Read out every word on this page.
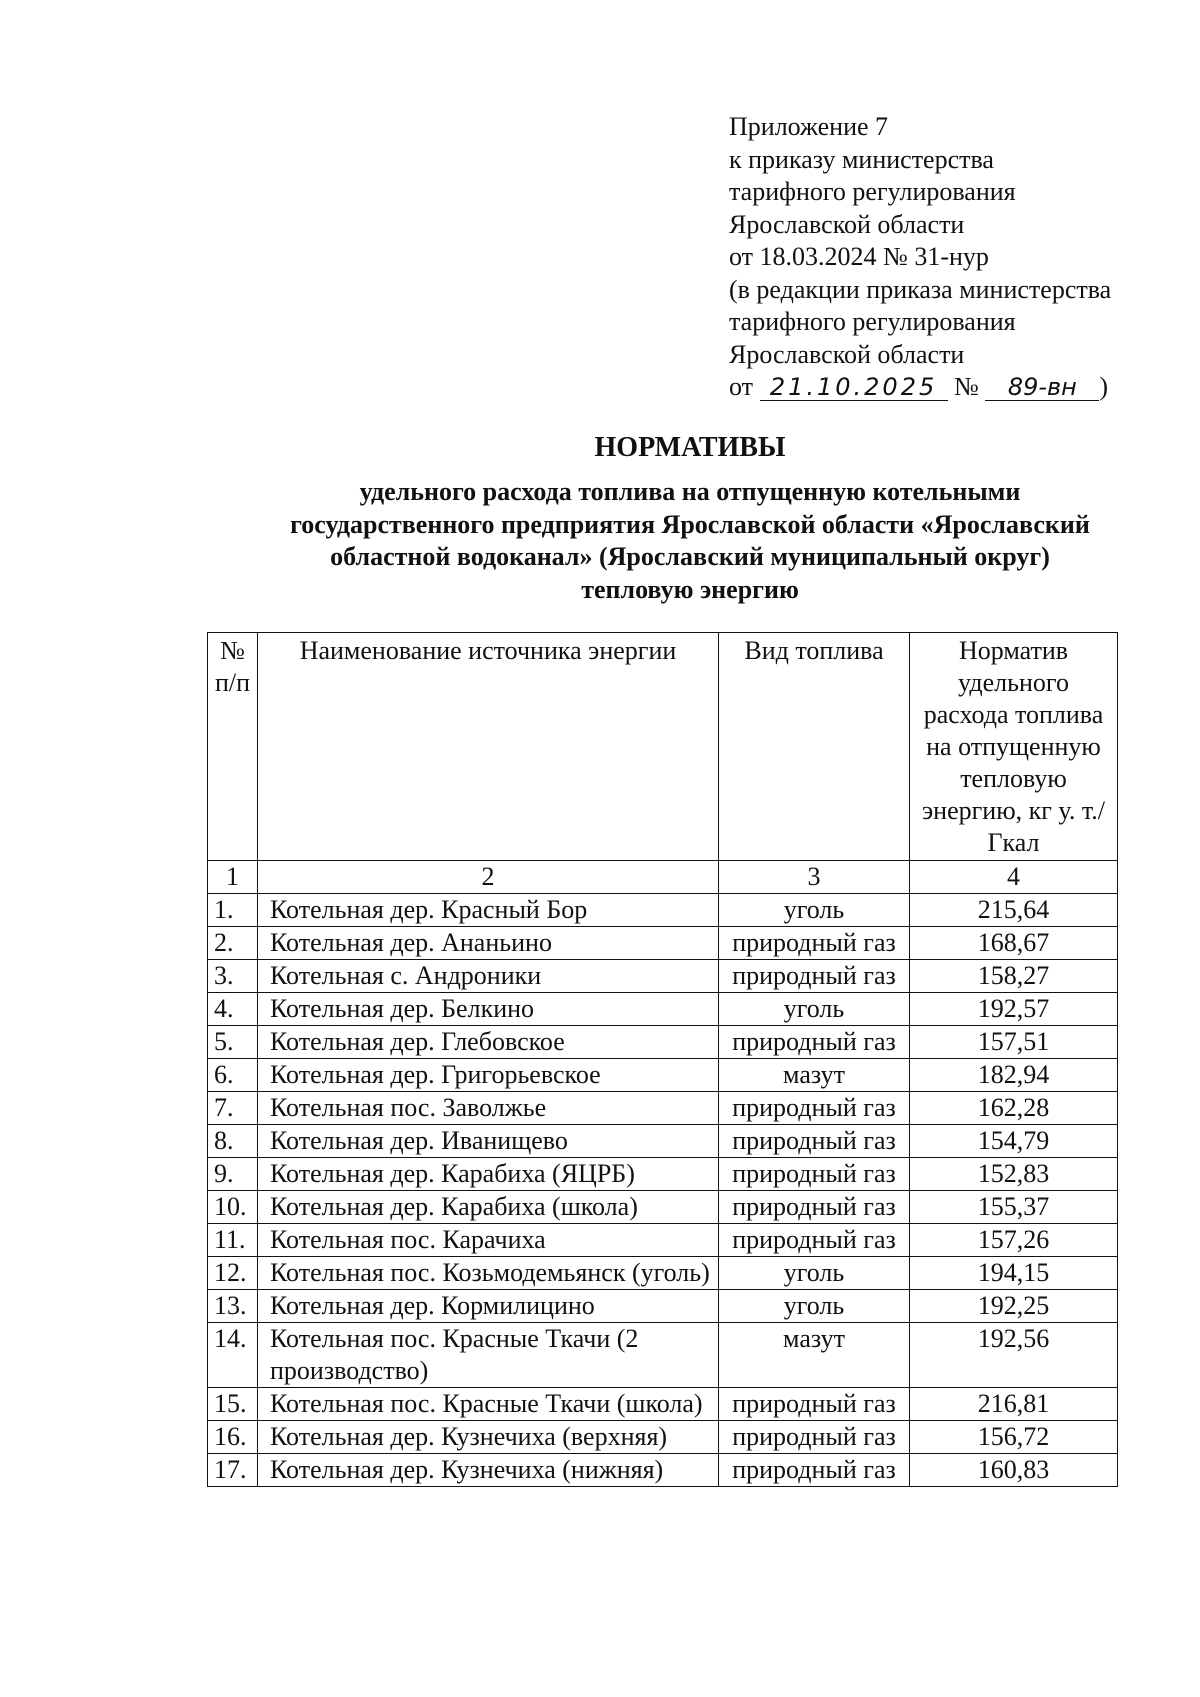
Приложение 7
к приказу министерства
тарифного регулирования
Ярославской области
от 18.03.2024 № 31-нур
(в редакции приказа министерства
тарифного регулирования
Ярославской области
от 21.10.2025 № 89-вн )
НОРМАТИВЫ
удельного расхода топлива на отпущенную котельными
государственного предприятия Ярославской области «Ярославский
областной водоканал» (Ярославский муниципальный округ)
тепловую энергию
№ п/п	Наименование источника энергии	Вид топлива	Норматив удельного расхода топлива на отпущенную тепловую энергию, кг у. т./Гкал
1	2	3	4
1.	Котельная дер. Красный Бор	уголь	215,64
2.	Котельная дер. Ананьино	природный газ	168,67
3.	Котельная с. Андроники	природный газ	158,27
4.	Котельная дер. Белкино	уголь	192,57
5.	Котельная дер. Глебовское	природный газ	157,51
6.	Котельная дер. Григорьевское	мазут	182,94
7.	Котельная пос. Заволжье	природный газ	162,28
8.	Котельная дер. Иванищево	природный газ	154,79
9.	Котельная дер. Карабиха (ЯЦРБ)	природный газ	152,83
10.	Котельная дер. Карабиха (школа)	природный газ	155,37
11.	Котельная пос. Карачиха	природный газ	157,26
12.	Котельная пос. Козьмодемьянск (уголь)	уголь	194,15
13.	Котельная дер. Кормилицино	уголь	192,25
14.	Котельная пос. Красные Ткачи (2 производство)	мазут	192,56
15.	Котельная пос. Красные Ткачи (школа)	природный газ	216,81
16.	Котельная дер. Кузнечиха (верхняя)	природный газ	156,72
17.	Котельная дер. Кузнечиха (нижняя)	природный газ	160,83
